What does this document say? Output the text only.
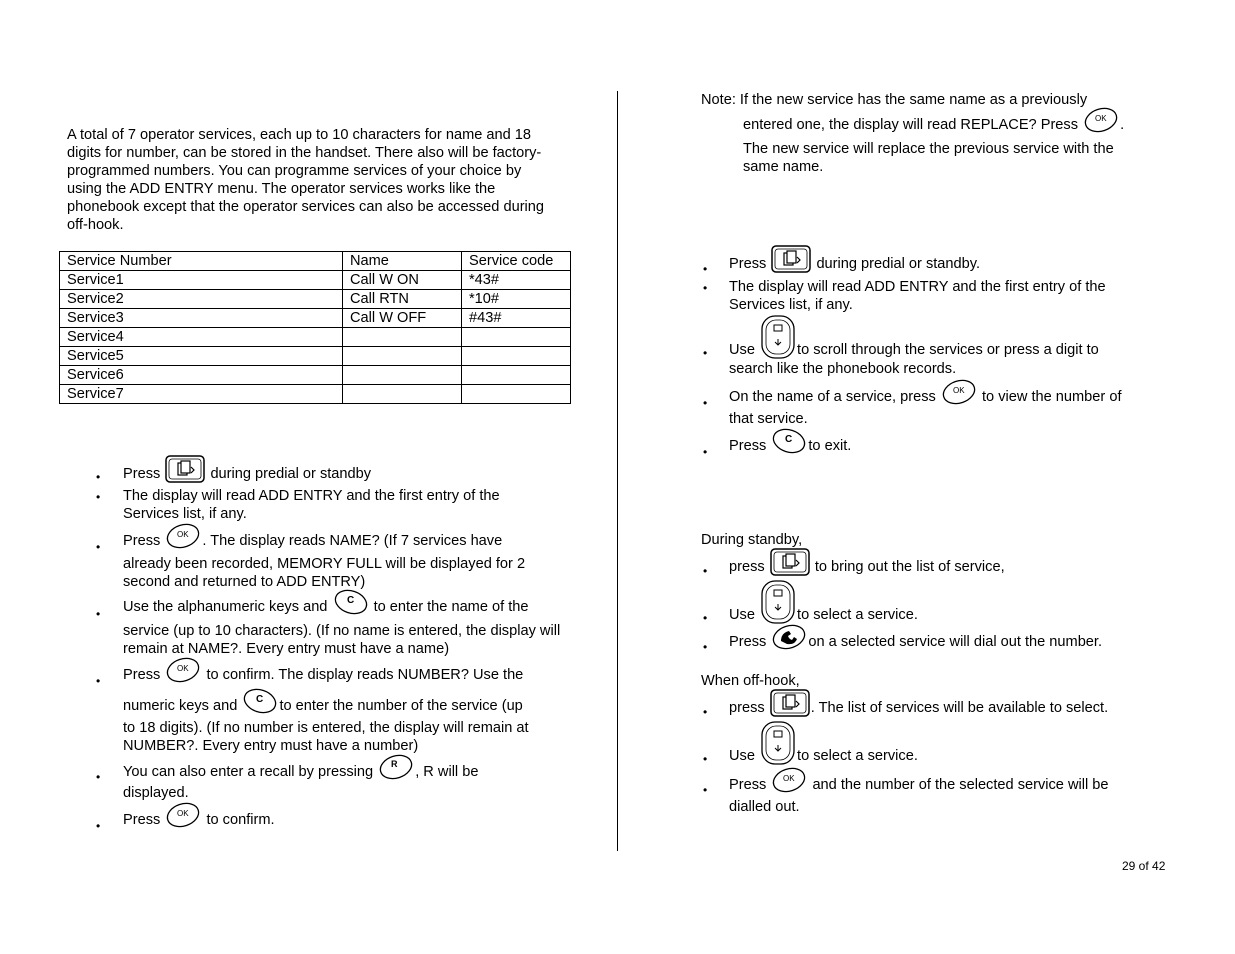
A total of 7 operator services, each up to 10 characters for name and 18 digits for number, can be stored in the handset. There also will be factory-programmed numbers. You can programme services of your choice by using the ADD ENTRY menu. The operator services works like the phonebook except that the operator services can also be accessed during off-hook.
Service Number	Name	Service code
Service1	Call W ON	*43#
Service2	Call RTN	*10#
Service3	Call W OFF	#43#
Service4		
Service5		
Service6		
Service7		
• Press	during predial or standby
• The display will read ADD ENTRY and the first entry of the Services list, if any.
• Press OK . The display reads NAME? (If 7 services have
already been recorded, MEMORY FULL will be displayed for 2 second and returned to ADD ENTRY)
• Use the alphanumeric keys and C to enter the name of the
service (up to 10 characters). (If no name is entered, the display will remain at NAME?. Every entry must have a name)
• Press OK to confirm. The display reads NUMBER? Use the
numeric keys and C to enter the number of the service (up
to 18 digits). (If no number is entered, the display will remain at NUMBER?. Every entry must have a number)
• You can also enter a recall by pressing R , R will be
displayed.
• Press OK to confirm.
Note: If the new service has the same name as a previously
entered one, the display will read REPLACE? Press OK .
The new service will replace the previous service with the same name.
• Press	during predial or standby.
• The display will read ADD ENTRY and the first entry of the Services list, if any.
• Use	to scroll through the services or press a digit to
search like the phonebook records.
• On the name of a service, press OK to view the number of
that service.
• Press C to exit.
During standby,
• press	to bring out the list of service,
• Use	to select a service.
• Press	on a selected service will dial out the number.
When off-hook,
• press	. The list of services will be available to select.
• Use	to select a service.
• Press OK and the number of the selected service will be
dialled out.
29 of 42
